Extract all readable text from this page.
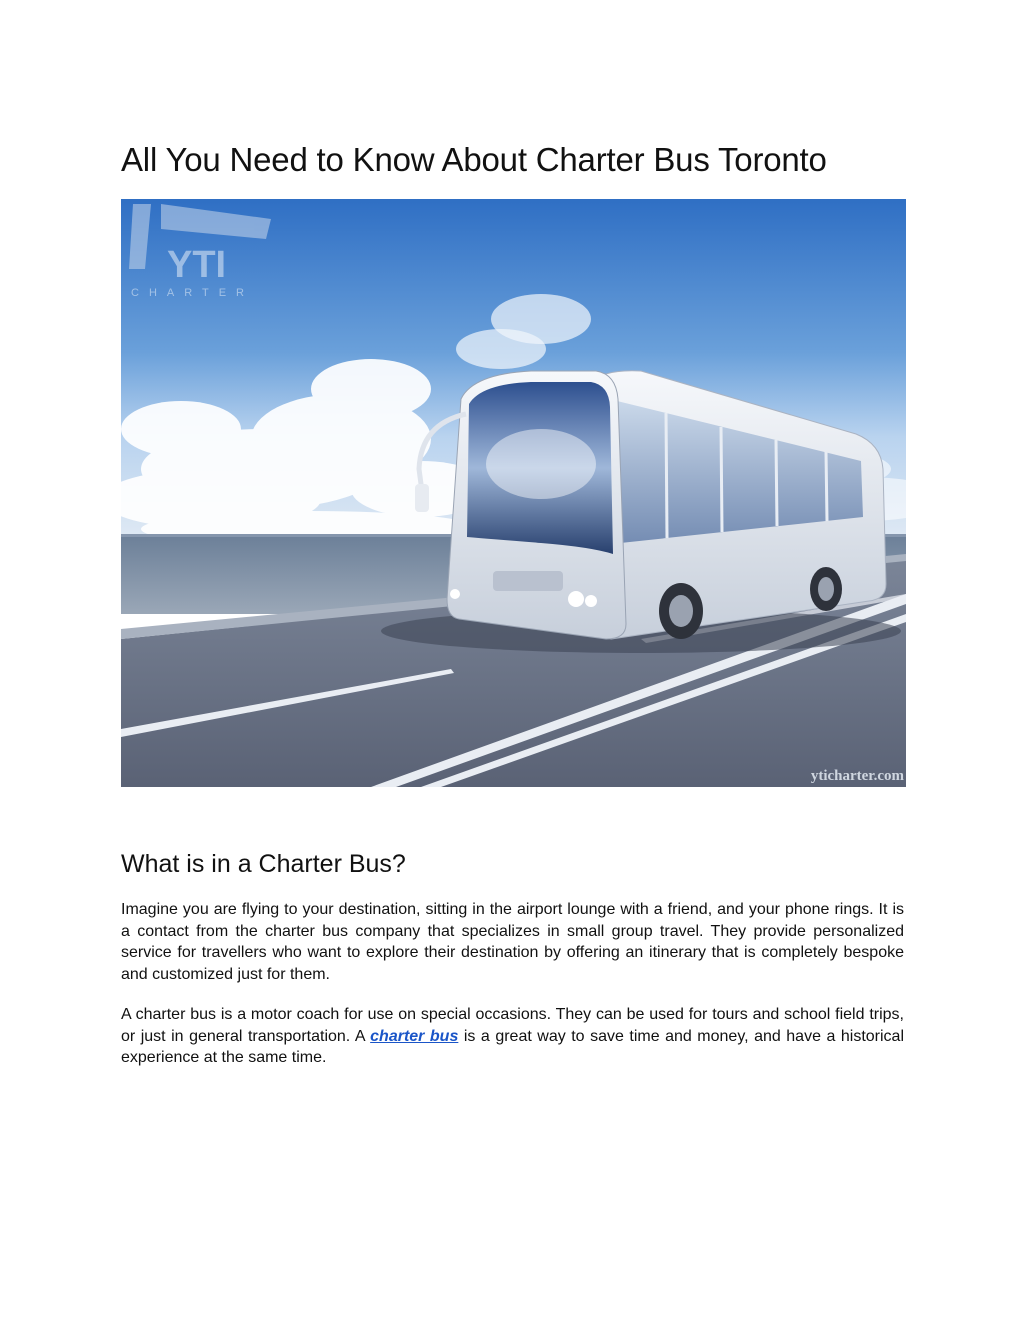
All You Need to Know About Charter Bus Toronto
YTI
CHARTER
yticharter.com
What is in a Charter Bus?

Imagine you are flying to your destination, sitting in the airport lounge with a friend, and your phone rings. It is a contact from the charter bus company that specializes in small group travel. They provide personalized service for travellers who want to explore their destination by offering an itinerary that is completely bespoke and customized just for them.

A charter bus is a motor coach for use on special occasions. They can be used for tours and school field trips, or just in general transportation. A charter bus is a great way to save time and money, and have a historical experience at the same time.
